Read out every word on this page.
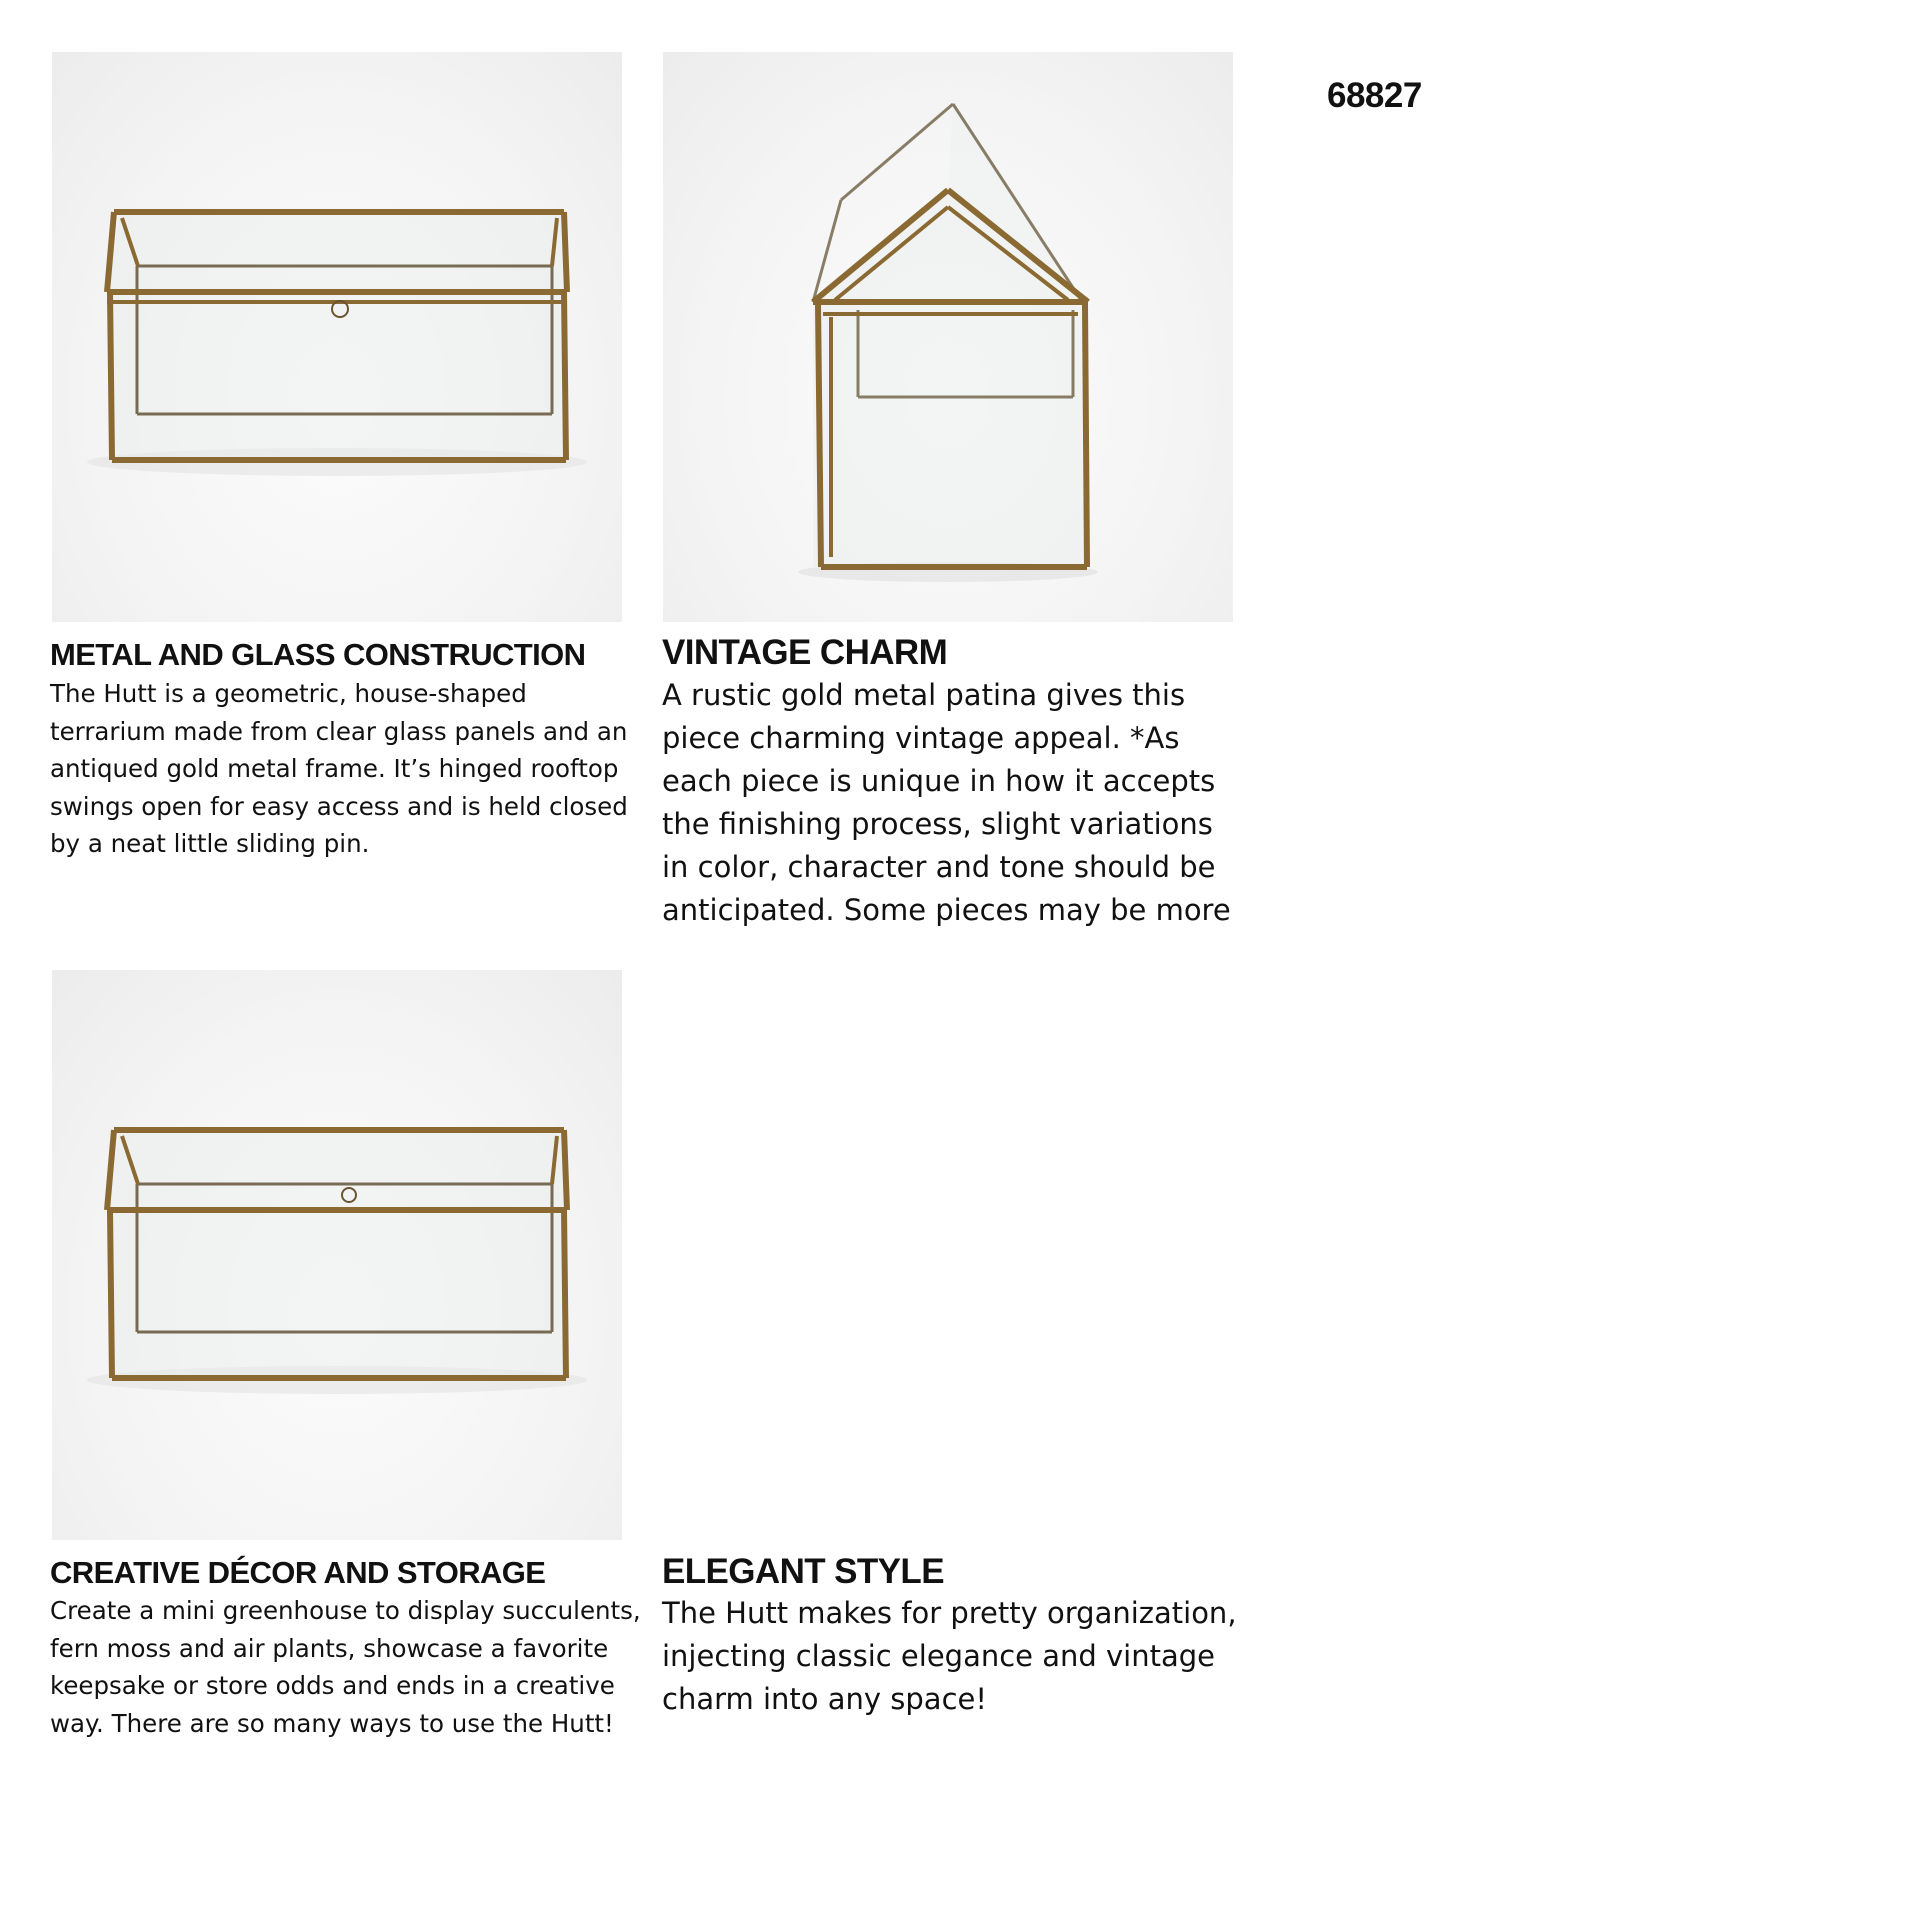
68827
METAL AND GLASS CONSTRUCTION

The Hutt is a geometric, house-shaped terrarium made from clear glass panels and an antiqued gold metal frame. It’s hinged rooftop swings open for easy access and is held closed by a neat little sliding pin.

VINTAGE CHARM

A rustic gold metal patina gives this piece charming vintage appeal. *As each piece is unique in how it accepts the finishing process, slight variations in color, character and tone should be anticipated. Some pieces may be more

CREATIVE DÉCOR AND STORAGE

Create a mini greenhouse to display succulents, fern moss and air plants, showcase a favorite keepsake or store odds and ends in a creative way. There are so many ways to use the Hutt!

ELEGANT STYLE

The Hutt makes for pretty organization, injecting classic elegance and vintage charm into any space!
